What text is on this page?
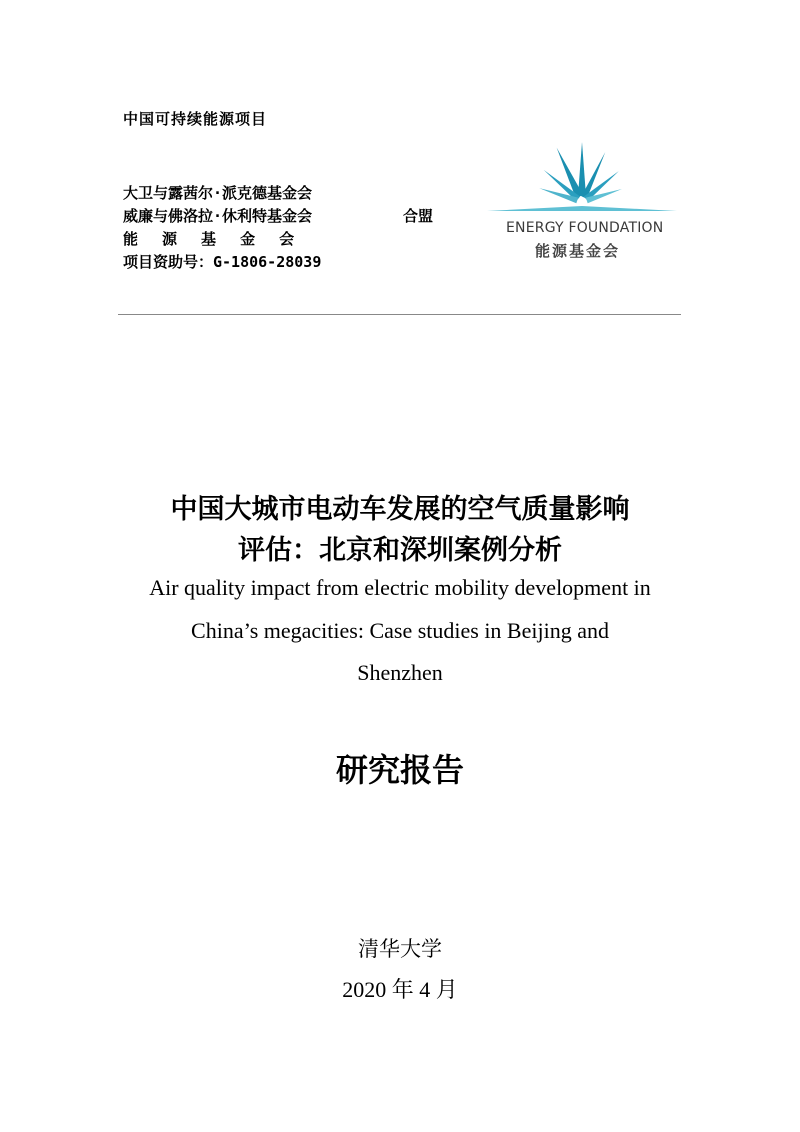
中国可持续能源项目
大卫与露茜尔·派克德基金会
威廉与佛洛拉·休利特基金会
能　 源 　基　 金 　会
项目资助号：G-1806-28039
合盟
ENERGY FOUNDATION
能源基金会
中国大城市电动车发展的空气质量影响
评估：北京和深圳案例分析
Air quality impact from electric mobility development in
China’s megacities: Case studies in Beijing and
Shenzhen
研究报告
清华大学
2020 年 4 月
